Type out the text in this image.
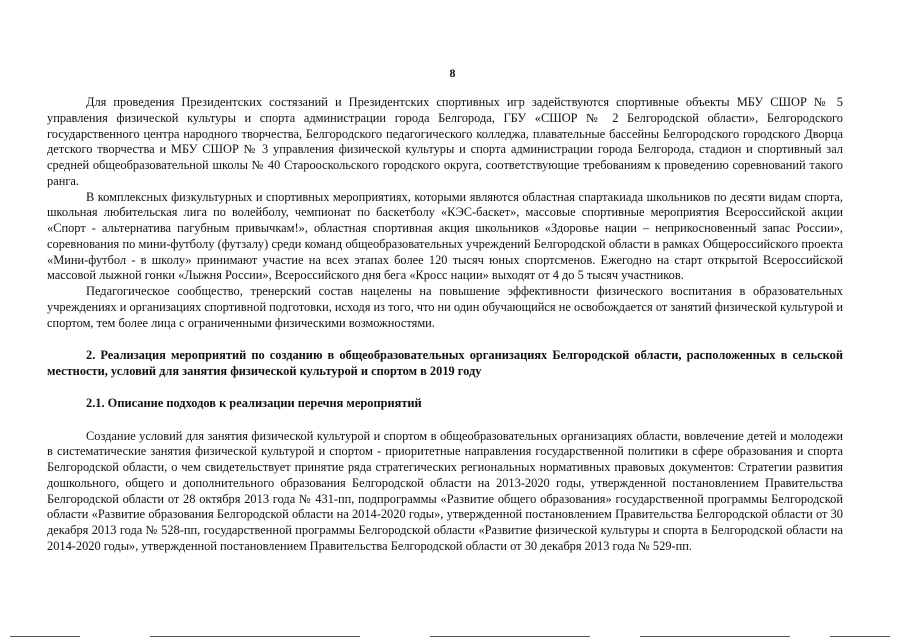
8

Для проведения Президентских состязаний и Президентских спортивных игр задействуются спортивные объекты МБУ СШОР № 5 управления физической культуры и спорта администрации города Белгорода, ГБУ «СШОР № 2 Белгородской области», Белгородского государственного центра народного творчества, Белгородского педагогического колледжа, плавательные бассейны Белгородского городского Дворца детского творчества и МБУ СШОР № 3 управления физической культуры и спорта администрации города Белгорода, стадион и спортивный зал средней общеобразовательной школы № 40 Старооскольского городского округа, соответствующие требованиям к проведению соревнований такого ранга.

В комплексных физкультурных и спортивных мероприятиях, которыми являются областная спартакиада школьников по десяти видам спорта, школьная любительская лига по волейболу, чемпионат по баскетболу «КЭС-баскет», массовые спортивные мероприятия Всероссийской акции «Спорт - альтернатива пагубным привычкам!», областная спортивная акция школьников «Здоровье нации – неприкосновенный запас России», соревнования по мини-футболу (футзалу) среди команд общеобразовательных учреждений Белгородской области в рамках Общероссийского проекта «Мини-футбол - в школу» принимают участие на всех этапах более 120 тысяч юных спортсменов. Ежегодно на старт открытой Всероссийской массовой лыжной гонки «Лыжня России», Всероссийского дня бега «Кросс нации» выходят от 4 до 5 тысяч участников.

Педагогическое сообщество, тренерский состав нацелены на повышение эффективности физического воспитания в образовательных учреждениях и организациях спортивной подготовки, исходя из того, что ни один обучающийся не освобождается от занятий физической культурой и спортом, тем более лица с ограниченными физическими возможностями.

2. Реализация мероприятий по созданию в общеобразовательных организациях Белгородской области, расположенных в сельской местности, условий для занятия физической культурой и спортом в 2019 году

2.1. Описание подходов к реализации перечня мероприятий

Создание условий для занятия физической культурой и спортом в общеобразовательных организациях области, вовлечение детей и молодежи в систематические занятия физической культурой и спортом - приоритетные направления государственной политики в сфере образования и спорта Белгородской области, о чем свидетельствует принятие ряда стратегических региональных нормативных правовых документов: Стратегии развития дошкольного, общего и дополнительного образования Белгородской области на 2013-2020 годы, утвержденной постановлением Правительства Белгородской области от 28 октября 2013 года № 431-пп, подпрограммы «Развитие общего образования» государственной программы Белгородской области «Развитие образования Белгородской области на 2014-2020 годы», утвержденной постановлением Правительства Белгородской области от 30 декабря 2013 года № 528-пп, государственной программы Белгородской области «Развитие физической культуры и спорта в Белгородской области на 2014-2020 годы», утвержденной постановлением Правительства Белгородской области от 30 декабря 2013 года № 529-пп.
